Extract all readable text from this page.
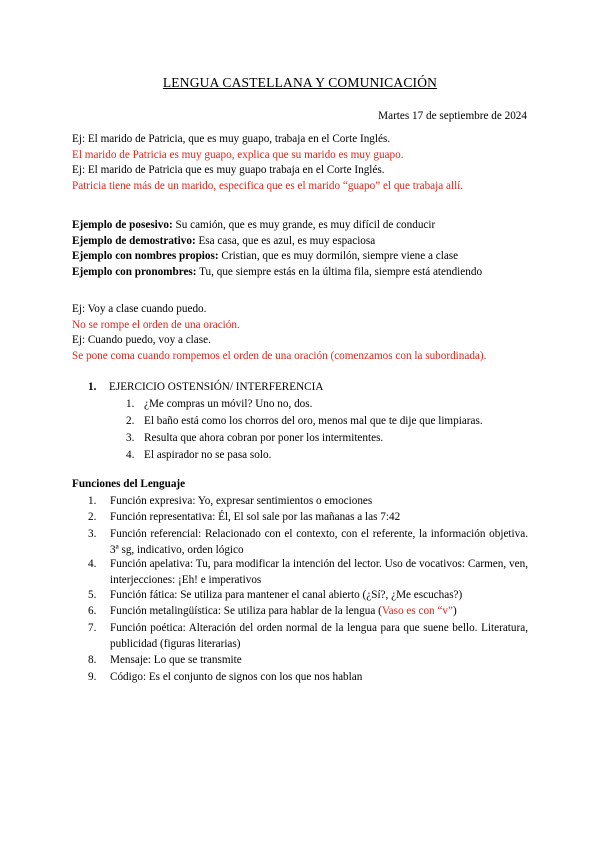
LENGUA CASTELLANA Y COMUNICACIÓN
Martes 17 de septiembre de 2024
Ej: El marido de Patricia, que es muy guapo, trabaja en el Corte Inglés.
El marido de Patricia es muy guapo, explica que su marido es muy guapo.
Ej: El marido de Patricia que es muy guapo trabaja en el Corte Inglés.
Patricia tiene más de un marido, especifica que es el marido “guapo” el que trabaja allí.
Ejemplo de posesivo: Su camión, que es muy grande, es muy difícil de conducir
Ejemplo de demostrativo: Esa casa, que es azul, es muy espaciosa
Ejemplo con nombres propios: Cristian, que es muy dormilón, siempre viene a clase
Ejemplo con pronombres: Tu, que siempre estás en la última fila, siempre está atendiendo
Ej: Voy a clase cuando puedo.
No se rompe el orden de una oración.
Ej: Cuando puedo, voy a clase.
Se pone coma cuando rompemos el orden de una oración (comenzamos con la subordinada).
1. EJERCICIO OSTENSIÓN/ INTERFERENCIA
1. ¿Me compras un móvil? Uno no, dos.
2. El baño está como los chorros del oro, menos mal que te dije que limpiaras.
3. Resulta que ahora cobran por poner los intermitentes.
4. El aspirador no se pasa solo.
Funciones del Lenguaje
1. Función expresiva: Yo, expresar sentimientos o emociones
2. Función representativa: Él, El sol sale por las mañanas a las 7:42
3. Función referencial: Relacionado con el contexto, con el referente, la información objetiva. 3ª sg, indicativo, orden lógico
4. Función apelativa: Tu, para modificar la intención del lector. Uso de vocativos: Carmen, ven, interjecciones: ¡Eh! e imperativos
5. Función fática: Se utiliza para mantener el canal abierto (¿Sí?, ¿Me escuchas?)
6. Función metalingüística: Se utiliza para hablar de la lengua (Vaso es con “v”)
7. Función poética: Alteración del orden normal de la lengua para que suene bello. Literatura, publicidad (figuras literarias)
8. Mensaje: Lo que se transmite
9. Código: Es el conjunto de signos con los que nos hablan
